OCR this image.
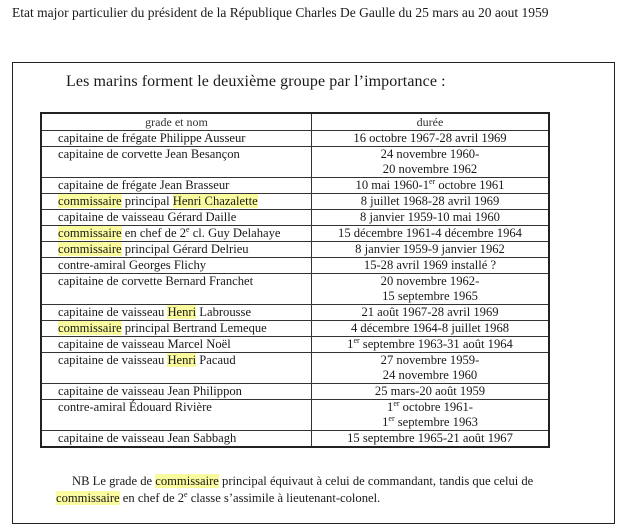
Etat major particulier du président de la République Charles De Gaulle du 25 mars au 20 aout 1959
Les marins forment le deuxième groupe par l’importance :
grade et nom	durée
capitaine de frégate Philippe Ausseur	16 octobre 1967-28 avril 1969

capitaine de corvette Jean Besançon	24 novembre 1960-
20 novembre 1962

capitaine de frégate Jean Brasseur	10 mai 1960-1er octobre 1961

commissaire principal Henri Chazalette	8 juillet 1968-28 avril 1969

capitaine de vaisseau Gérard Daille	8 janvier 1959-10 mai 1960

commissaire en chef de 2e cl. Guy Delahaye	15 décembre 1961-4 décembre 1964

commissaire principal Gérard Delrieu	8 janvier 1959-9 janvier 1962

contre-amiral Georges Flichy	15-28 avril 1969 installé ?

capitaine de corvette Bernard Franchet	20 novembre 1962-
15 septembre 1965

capitaine de vaisseau Henri Labrousse	21 août 1967-28 avril 1969

commissaire principal Bertrand Lemeque	4 décembre 1964-8 juillet 1968

capitaine de vaisseau Marcel Noël	1er septembre 1963-31 août 1964

capitaine de vaisseau Henri Pacaud	27 novembre 1959-
24 novembre 1960

capitaine de vaisseau Jean Philippon	25 mars-20 août 1959

contre-amiral Édouard Rivière	1er octobre 1961-
1er septembre 1963

capitaine de vaisseau Jean Sabbagh	15 septembre 1965-21 août 1967
NB Le grade de commissaire principal équivaut à celui de commandant, tandis que celui de commissaire en chef de 2e classe s’assimile à lieutenant-colonel.
